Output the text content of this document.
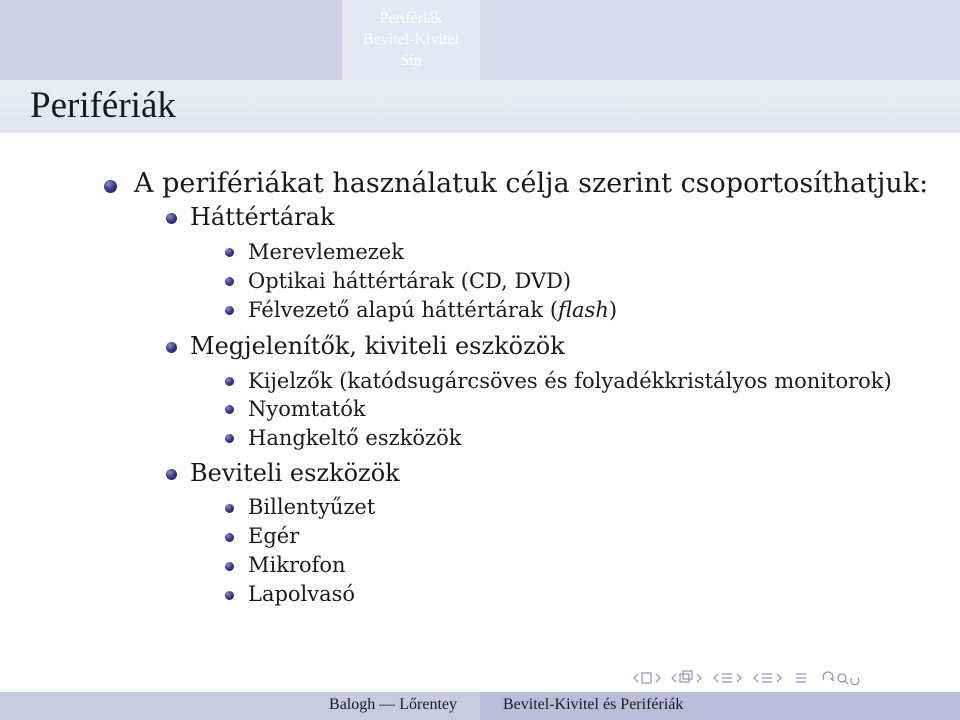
Perifériák
Bevitel-Kivitel
Sín
Perifériák
A perifériákat használatuk célja szerint csoportosíthatjuk:
Háttértárak
Merevlemezek
Optikai háttértárak (CD, DVD)
Félvezető alapú háttértárak (flash)
Megjelenítők, kiviteli eszközök
Kijelzők (katódsugárcsöves és folyadékkristályos monitorok)
Nyomtatók
Hangkeltő eszközök
Beviteli eszközök
Billentyűzet
Egér
Mikrofon
Lapolvasó
Balogh — Lőrentey	Bevitel-Kivitel és Perifériák
